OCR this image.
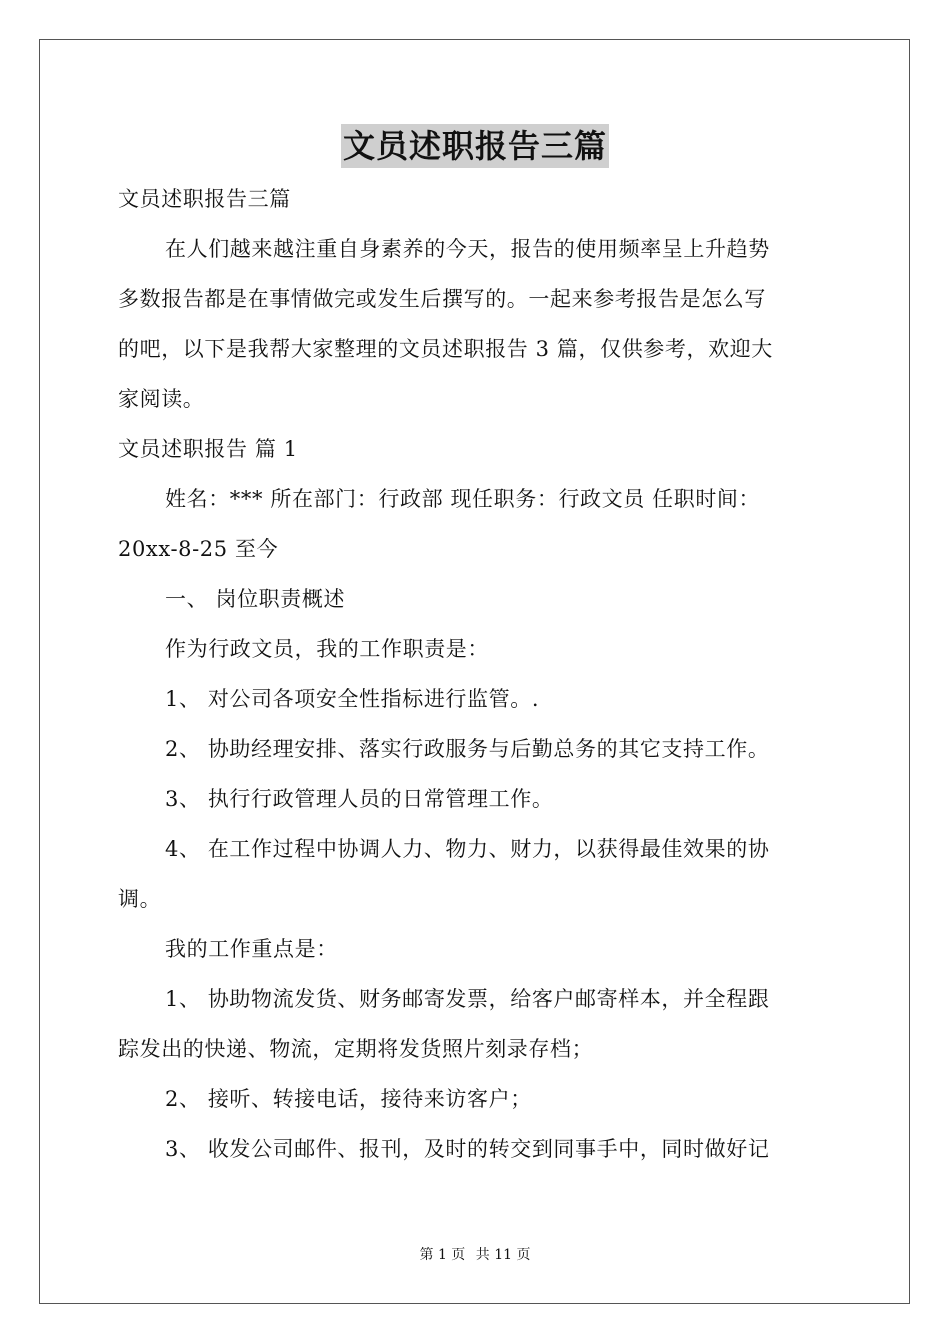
文员述职报告三篇
文员述职报告三篇
在人们越来越注重自身素养的今天，报告的使用频率呈上升趋势
多数报告都是在事情做完或发生后撰写的。一起来参考报告是怎么写
的吧，以下是我帮大家整理的文员述职报告 3 篇，仅供参考，欢迎大
家阅读。
文员述职报告 篇 1
姓名：*** 所在部门：行政部 现任职务：行政文员 任职时间：
20xx-8-25 至今
一、 岗位职责概述
作为行政文员，我的工作职责是：
1、 对公司各项安全性指标进行监管。.
2、 协助经理安排、落实行政服务与后勤总务的其它支持工作。
3、 执行行政管理人员的日常管理工作。
4、 在工作过程中协调人力、物力、财力，以获得最佳效果的协
调。
我的工作重点是：
1、 协助物流发货、财务邮寄发票，给客户邮寄样本，并全程跟
踪发出的快递、物流，定期将发货照片刻录存档；
2、 接听、转接电话，接待来访客户；
3、 收发公司邮件、报刊，及时的转交到同事手中，同时做好记
第 1 页 共 11 页
